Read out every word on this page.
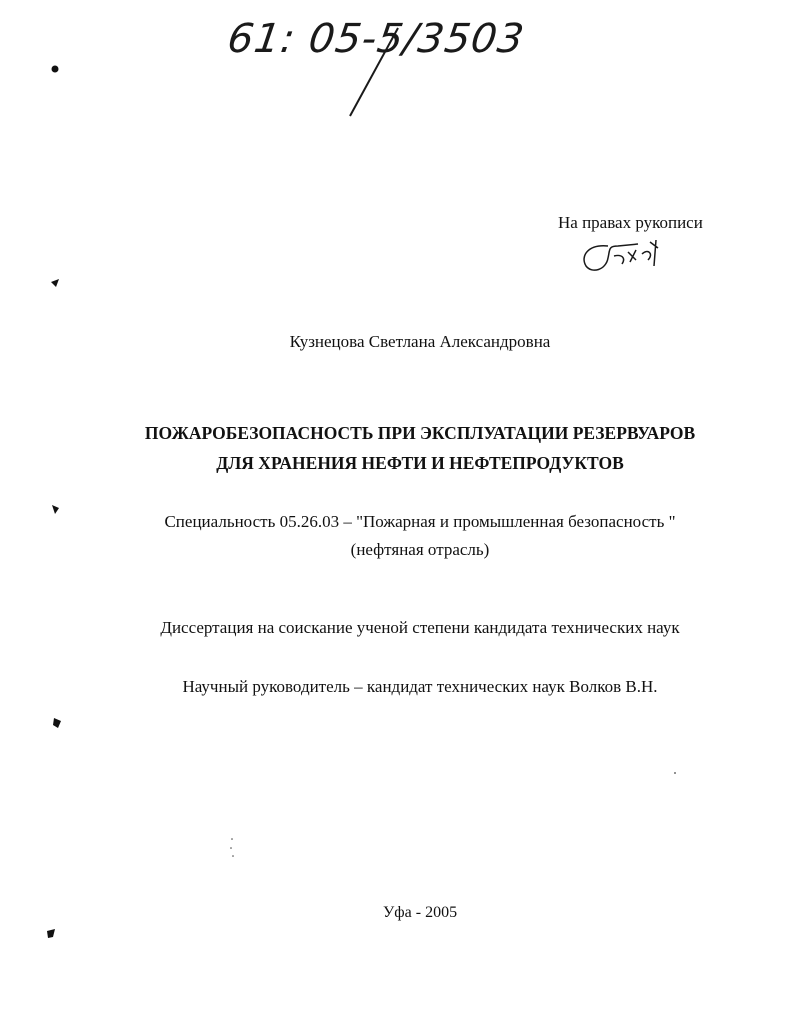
61: 05-5/3503
На правах рукописи
Кузнецова Светлана Александровна
ПОЖАРОБЕЗОПАСНОСТЬ ПРИ ЭКСПЛУАТАЦИИ РЕЗЕРВУАРОВ
ДЛЯ ХРАНЕНИЯ НЕФТИ И НЕФТЕПРОДУКТОВ
Специальность 05.26.03 – "Пожарная и промышленная безопасность "
(нефтяная отрасль)
Диссертация на соискание ученой степени кандидата технических наук
Научный руководитель – кандидат технических наук Волков В.Н.
Уфа - 2005
